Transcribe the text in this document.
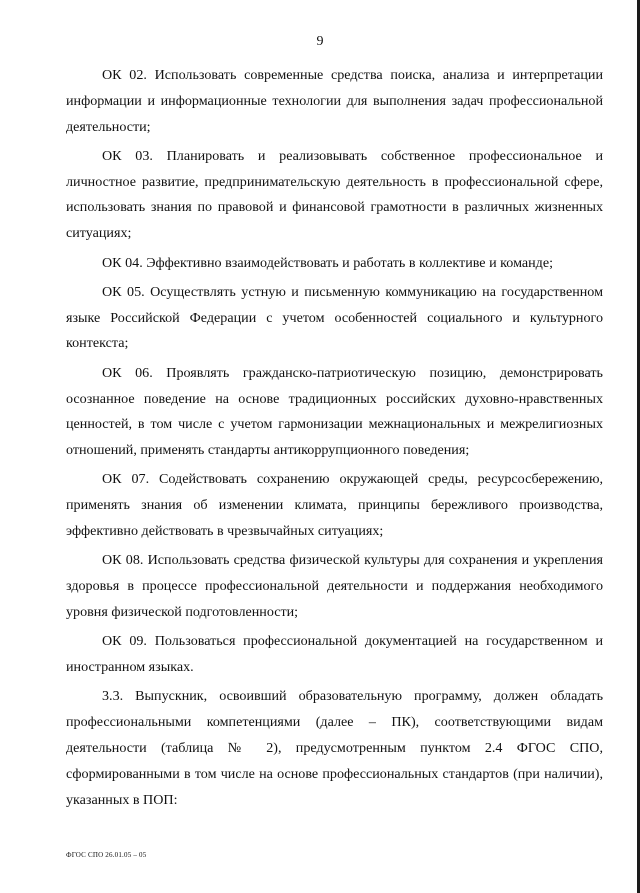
9

ОК 02. Использовать современные средства поиска, анализа и интерпретации информации и информационные технологии для выполнения задач профессиональной деятельности;

ОК 03. Планировать и реализовывать собственное профессиональное и личностное развитие, предпринимательскую деятельность в профессиональной сфере, использовать знания по правовой и финансовой грамотности в различных жизненных ситуациях;

ОК 04. Эффективно взаимодействовать и работать в коллективе и команде;

ОК 05. Осуществлять устную и письменную коммуникацию на государственном языке Российской Федерации с учетом особенностей социального и культурного контекста;

ОК 06. Проявлять гражданско-патриотическую позицию, демонстрировать осознанное поведение на основе традиционных российских духовно-нравственных ценностей, в том числе с учетом гармонизации межнациональных и межрелигиозных отношений, применять стандарты антикоррупционного поведения;

ОК 07. Содействовать сохранению окружающей среды, ресурсосбережению, применять знания об изменении климата, принципы бережливого производства, эффективно действовать в чрезвычайных ситуациях;

ОК 08. Использовать средства физической культуры для сохранения и укрепления здоровья в процессе профессиональной деятельности и поддержания необходимого уровня физической подготовленности;

ОК 09. Пользоваться профессиональной документацией на государственном и иностранном языках.

3.3. Выпускник, освоивший образовательную программу, должен обладать профессиональными компетенциями (далее – ПК), соответствующими видам деятельности (таблица № 2), предусмотренным пунктом 2.4 ФГОС СПО, сформированными в том числе на основе профессиональных стандартов (при наличии), указанных в ПОП:

ФГОС СПО 26.01.05 – 05
